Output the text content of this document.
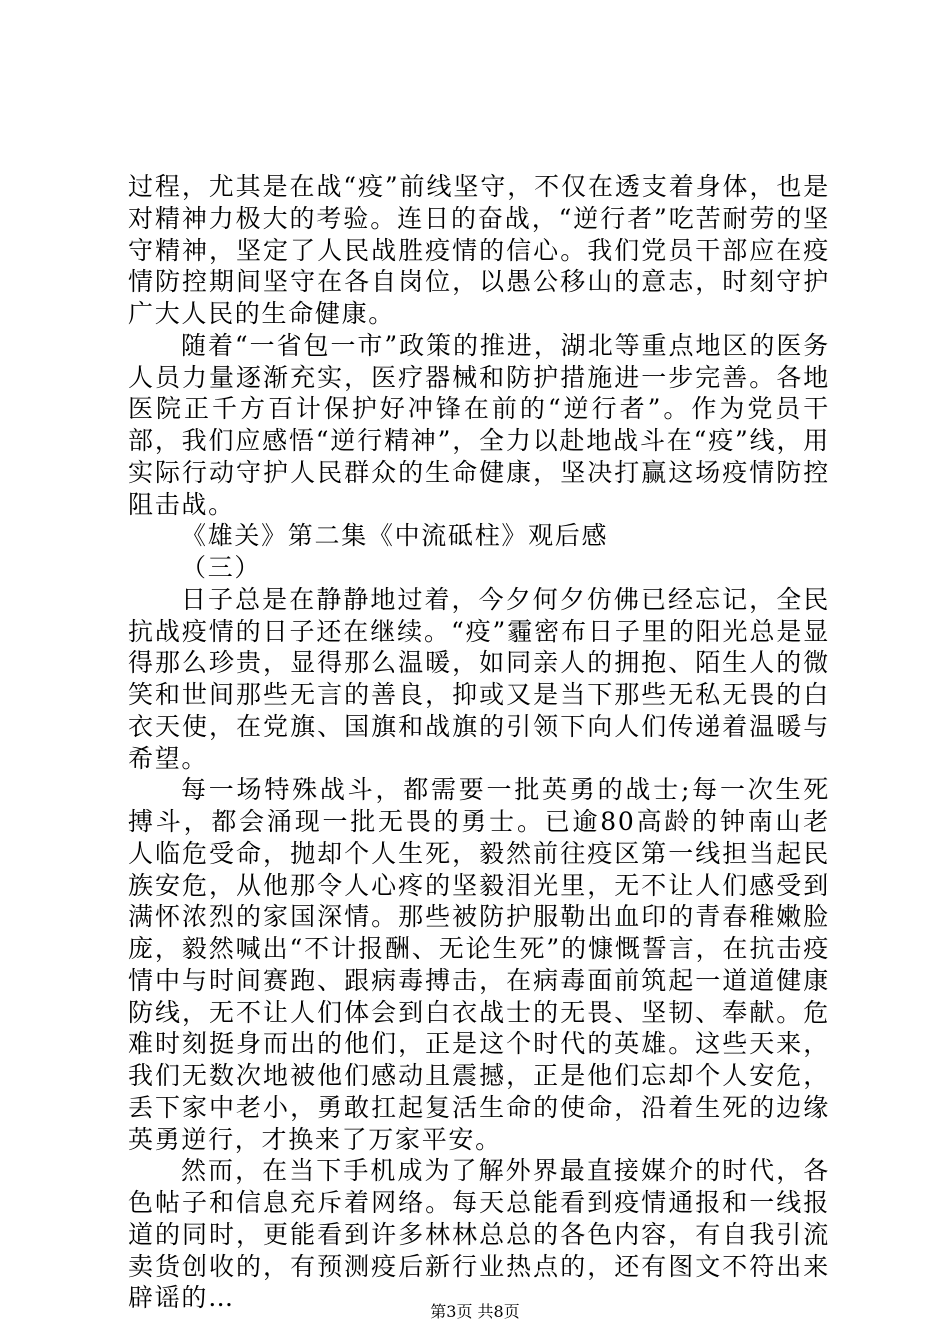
过程，尤其是在战“疫”前线坚守，不仅在透支着身体，也是对精神力极大的考验。连日的奋战，“逆行者”吃苦耐劳的坚守精神，坚定了人民战胜疫情的信心。我们党员干部应在疫情防控期间坚守在各自岗位，以愚公移山的意志，时刻守护广大人民的生命健康。

随着“一省包一市”政策的推进，湖北等重点地区的医务人员力量逐渐充实，医疗器械和防护措施进一步完善。各地医院正千方百计保护好冲锋在前的“逆行者”。作为党员干部，我们应感悟“逆行精神”，全力以赴地战斗在“疫”线，用实际行动守护人民群众的生命健康，坚决打赢这场疫情防控阻击战。

《雄关》第二集《中流砥柱》观后感

（三）

日子总是在静静地过着，今夕何夕仿佛已经忘记，全民抗战疫情的日子还在继续。“疫”霾密布日子里的阳光总是显得那么珍贵，显得那么温暖，如同亲人的拥抱、陌生人的微笑和世间那些无言的善良，抑或又是当下那些无私无畏的白衣天使，在党旗、国旗和战旗的引领下向人们传递着温暖与希望。

每一场特殊战斗，都需要一批英勇的战士;每一次生死搏斗，都会涌现一批无畏的勇士。已逾80高龄的钟南山老人临危受命，抛却个人生死，毅然前往疫区第一线担当起民族安危，从他那令人心疼的坚毅泪光里，无不让人们感受到满怀浓烈的家国深情。那些被防护服勒出血印的青春稚嫩脸庞，毅然喊出“不计报酬、无论生死”的慷慨誓言，在抗击疫情中与时间赛跑、跟病毒搏击，在病毒面前筑起一道道健康防线，无不让人们体会到白衣战士的无畏、坚韧、奉献。危难时刻挺身而出的他们，正是这个时代的英雄。这些天来，我们无数次地被他们感动且震撼，正是他们忘却个人安危，丢下家中老小，勇敢扛起复活生命的使命，沿着生死的边缘英勇逆行，才换来了万家平安。

然而，在当下手机成为了解外界最直接媒介的时代，各色帖子和信息充斥着网络。每天总能看到疫情通报和一线报道的同时，更能看到许多林林总总的各色内容，有自我引流卖货创收的，有预测疫后新行业热点的，还有图文不符出来辟谣的…	第3页 共8页
